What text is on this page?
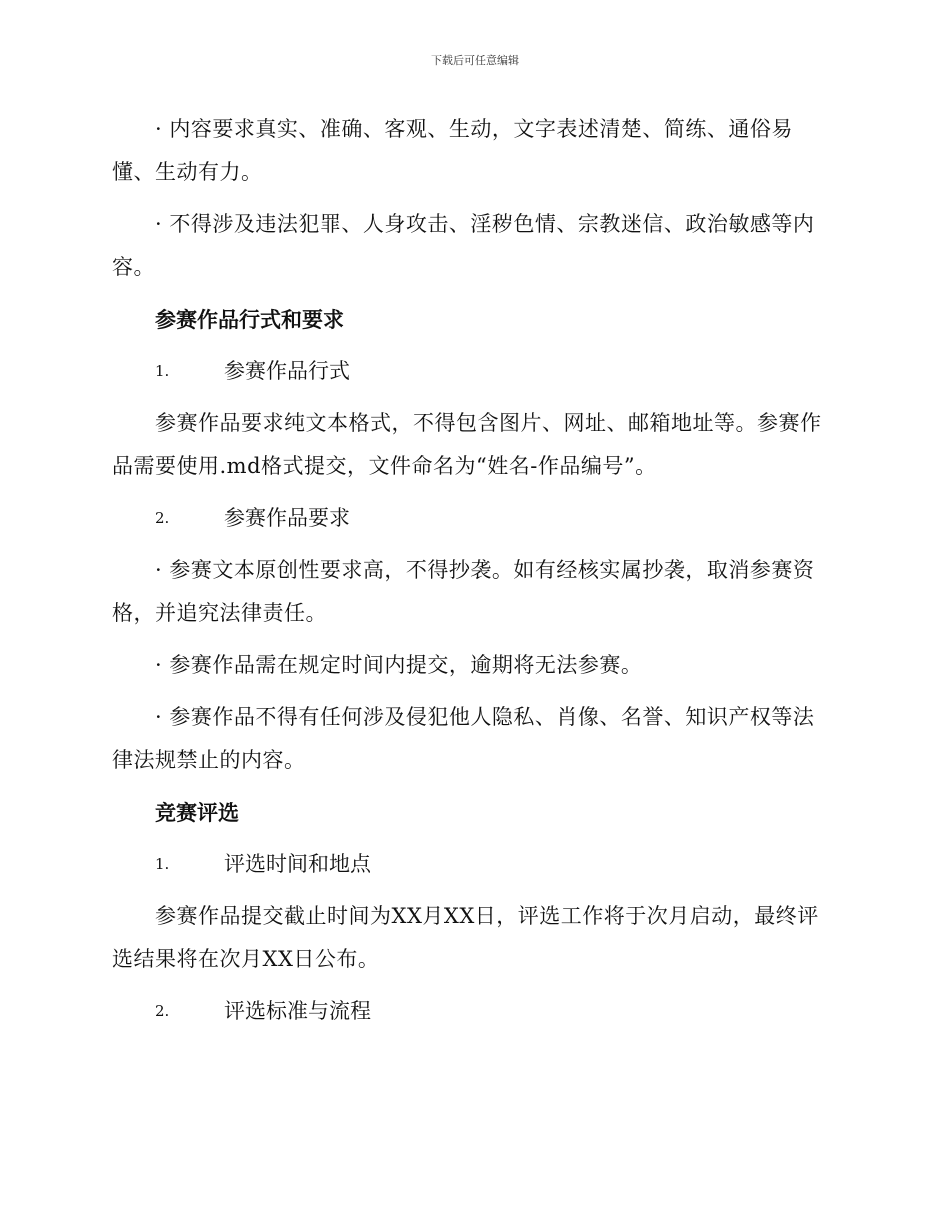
下载后可任意编辑

· 内容要求真实、准确、客观、生动，文字表述清楚、简练、通俗易懂、生动有力。

· 不得涉及违法犯罪、人身攻击、淫秽色情、宗教迷信、政治敏感等内容。

参赛作品行式和要求

1.	参赛作品行式

参赛作品要求纯文本格式，不得包含图片、网址、邮箱地址等。参赛作品需要使用.md格式提交，文件命名为“姓名-作品编号”。

2.	参赛作品要求

· 参赛文本原创性要求高，不得抄袭。如有经核实属抄袭，取消参赛资格，并追究法律责任。

· 参赛作品需在规定时间内提交，逾期将无法参赛。

· 参赛作品不得有任何涉及侵犯他人隐私、肖像、名誉、知识产权等法律法规禁止的内容。

竞赛评选

1.	评选时间和地点

参赛作品提交截止时间为XX月XX日，评选工作将于次月启动，最终评选结果将在次月XX日公布。

2.	评选标准与流程
